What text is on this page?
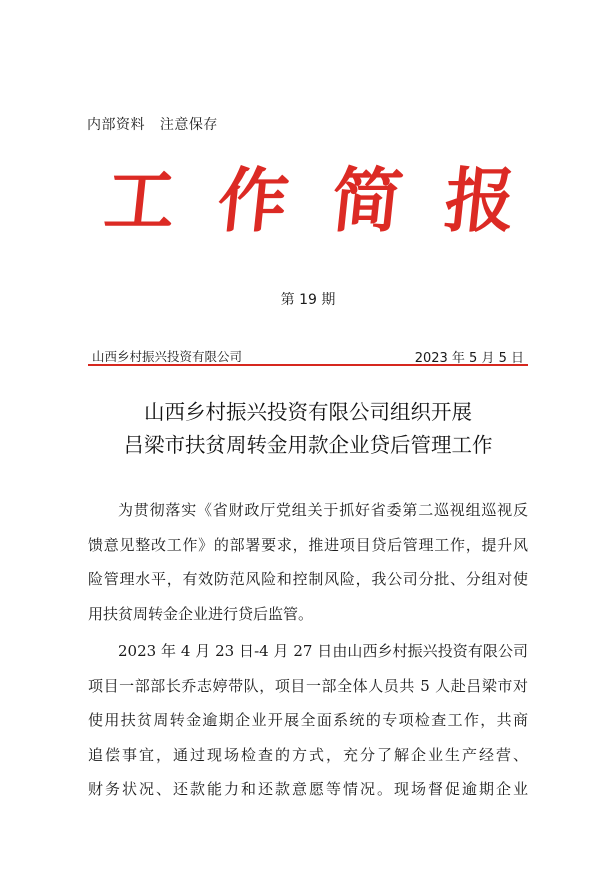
内部资料   注意保存
工 作 简 报
第 19 期
山西乡村振兴投资有限公司	2023 年 5 月 5 日
山西乡村振兴投资有限公司组织开展
吕梁市扶贫周转金用款企业贷后管理工作

为贯彻落实《省财政厅党组关于抓好省委第二巡视组巡视反
馈意见整改工作》的部署要求，推进项目贷后管理工作，提升风
险管理水平，有效防范风险和控制风险，我公司分批、分组对使
用扶贫周转金企业进行贷后监管。

2023 年 4 月 23 日-4 月 27 日由山西乡村振兴投资有限公司
项目一部部长乔志婷带队，项目一部全体人员共 5 人赴吕梁市对
使用扶贫周转金逾期企业开展全面系统的专项检查工作，共商
追偿事宜，通过现场检查的方式，充分了解企业生产经营、
财务状况、还款能力和还款意愿等情况。现场督促逾期企业
